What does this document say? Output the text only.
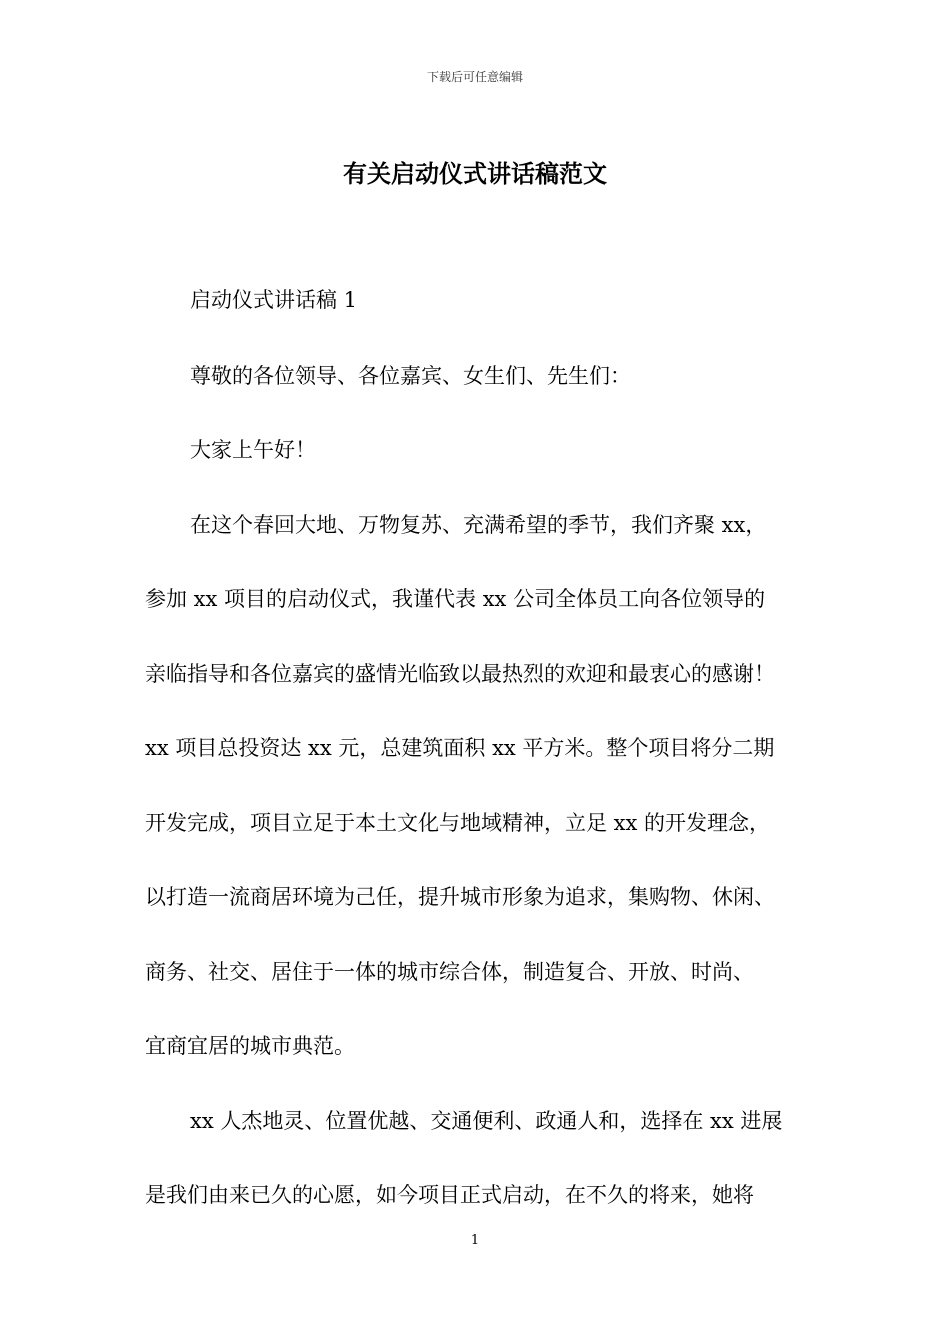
下载后可任意编辑
有关启动仪式讲话稿范文
启动仪式讲话稿 1
尊敬的各位领导、各位嘉宾、女生们、先生们：
大家上午好！
在这个春回大地、万物复苏、充满希望的季节，我们齐聚 xx，
参加 xx 项目的启动仪式，我谨代表 xx 公司全体员工向各位领导的
亲临指导和各位嘉宾的盛情光临致以最热烈的欢迎和最衷心的感谢！
xx 项目总投资达 xx 元，总建筑面积 xx 平方米。整个项目将分二期
开发完成，项目立足于本土文化与地域精神，立足 xx 的开发理念，
以打造一流商居环境为己任，提升城市形象为追求，集购物、休闲、
商务、社交、居住于一体的城市综合体，制造复合、开放、时尚、
宜商宜居的城市典范。
xx 人杰地灵、位置优越、交通便利、政通人和，选择在 xx 进展
是我们由来已久的心愿，如今项目正式启动，在不久的将来，她将
1
